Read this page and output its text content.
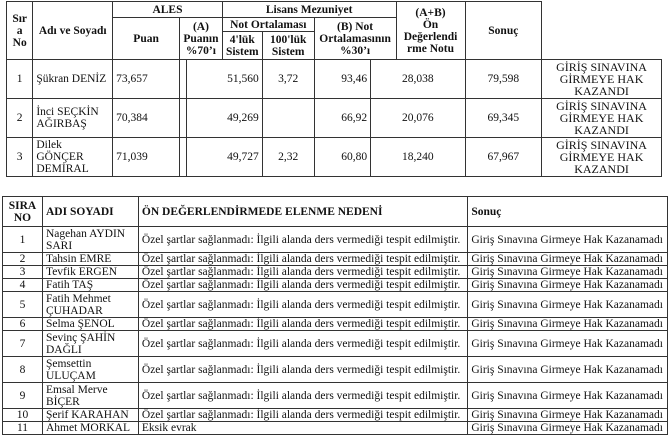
Sır
a
No	Adı ve Soyadı	ALES			Lisans Mezuniyet				(A+B)
Ön
Değerlendi
rme Notu	Sonuç	
		Puan	(A)
Puanın
%70’ı		Not Ortalaması		(B) Not
Ortalamasının
%30’ı				
					4'lük Sistem	100'lük Sistem					
1	Şükran DENİZ	73,657		51,560		3,72	93,46	28,038		79,598	GİRİŞ SINAVINA GİRMEYE HAK KAZANDI
2	İnci SEÇKİN AĞIRBAŞ	70,384		49,269			66,92	20,076		69,345	GİRİŞ SINAVINA GİRMEYE HAK KAZANDI
3	Dilek GÖNÇER DEMİRAL	71,039		49,727		2,32	60,80	18,240		67,967	GİRİŞ SINAVINA GİRMEYE HAK KAZANDI
SIRA
NO	ADI SOYADI	ÖN DEĞERLENDİRMEDE ELENME NEDENİ	Sonuç
1	Nagehan AYDIN SARI	Özel şartlar sağlanmadı: İlgili alanda ders vermediği tespit edilmiştir.	Giriş Sınavına Girmeye Hak Kazanamadı
2	Tahsin EMRE	Özel şartlar sağlanmadı: İlgili alanda ders vermediği tespit edilmiştir.	Giriş Sınavına Girmeye Hak Kazanamadı
3	Tevfik ERGEN	Özel şartlar sağlanmadı: İlgili alanda ders vermediği tespit edilmiştir.	Giriş Sınavına Girmeye Hak Kazanamadı
4	Fatih TAŞ	Özel şartlar sağlanmadı: İlgili alanda ders vermediği tespit edilmiştir.	Giriş Sınavına Girmeye Hak Kazanamadı
5	Fatih Mehmet ÇUHADAR	Özel şartlar sağlanmadı: İlgili alanda ders vermediği tespit edilmiştir.	Giriş Sınavına Girmeye Hak Kazanamadı
6	Selma ŞENOL	Özel şartlar sağlanmadı: İlgili alanda ders vermediği tespit edilmiştir.	Giriş Sınavına Girmeye Hak Kazanamadı
7	Sevinç ŞAHİN DAĞLI	Özel şartlar sağlanmadı: İlgili alanda ders vermediği tespit edilmiştir.	Giriş Sınavına Girmeye Hak Kazanamadı
8	Şemsettin ULUÇAM	Özel şartlar sağlanmadı: İlgili alanda ders vermediği tespit edilmiştir.	Giriş Sınavına Girmeye Hak Kazanamadı
9	Emsal Merve BİÇER	Özel şartlar sağlanmadı: İlgili alanda ders vermediği tespit edilmiştir.	Giriş Sınavına Girmeye Hak Kazanamadı
10	Şerif KARAHAN	Özel şartlar sağlanmadı: İlgili alanda ders vermediği tespit edilmiştir.	Giriş Sınavına Girmeye Hak Kazanamadı
11	Ahmet MORKAL	Eksik evrak	Giriş Sınavına Girmeye Hak Kazanamadı
